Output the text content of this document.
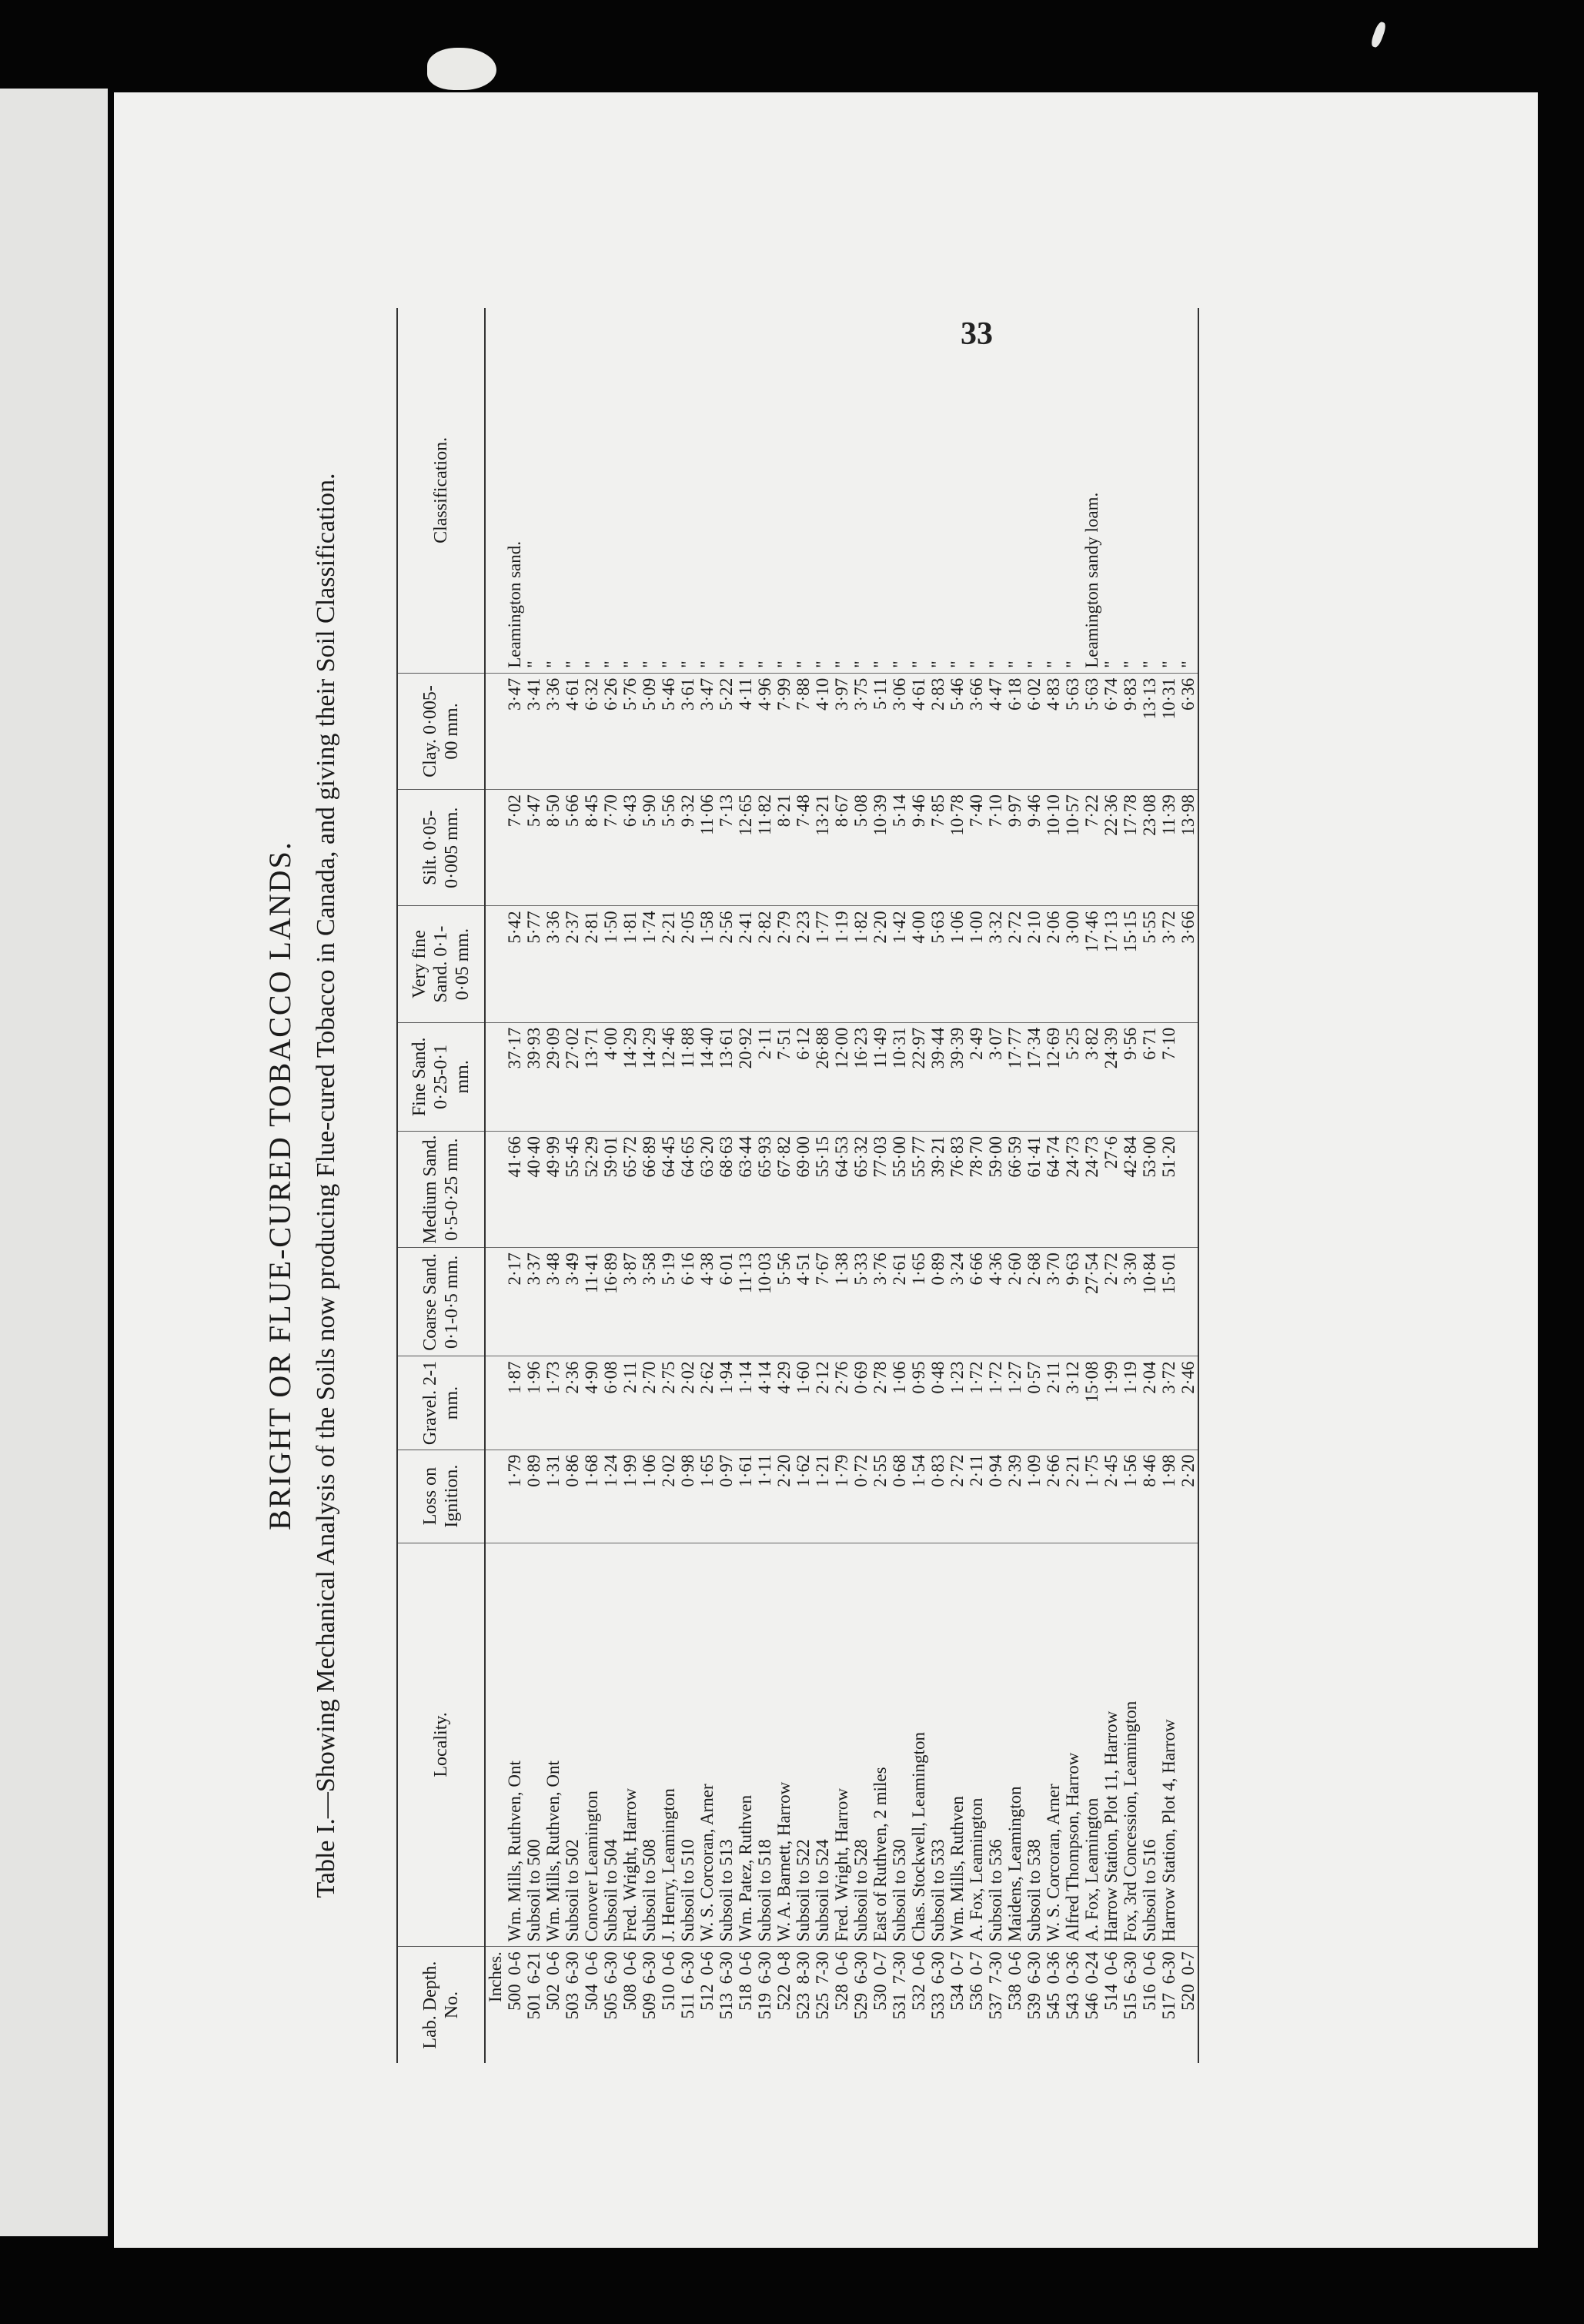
33
BRIGHT OR FLUE-CURED TOBACCO LANDS. Table I.—Showing Mechanical Analysis of the Soils now producing Flue-cured Tobacco in Canada, and giving their Soil Classification.
Lab. Depth. No.	Locality.	Loss on Ignition.	Gravel. 2-1 mm.	Coarse Sand. 0·1-0·5 mm.	Medium Sand. 0·5-0·25 mm.	Fine Sand. 0·25-0·1 mm.	Very fine Sand. 0·1-0·05 mm.	Silt. 0·05-0·005 mm.	Clay. 0·005-00 mm.	Classification.
Inches.										
500  0-6	Wm. Mills, Ruthven, Ont	1·79	1·87	2·17	41·66	37·17	5·42	7·02	3·47	Leamington sand.
501  6-21	Subsoil to 500	0·89	1·96	3·37	40·40	39·93	5·77	5·47	3·41	"
502  0-6	Wm. Mills, Ruthven, Ont	1·31	1·73	3·48	49·99	29·09	3·36	8·50	3·36	"
503  6-30	Subsoil to 502	0·86	2·36	3·49	55·45	27·02	2·37	5·66	4·61	"
504  0-6	Conover Leamington	1·68	4·90	11·41	52·29	13·71	2·81	8·45	6·32	"
505  6-30	Subsoil to 504	1·24	6·08	16·89	59·01	4·00	1·50	7·70	6·26	"
508  0-6	Fred. Wright, Harrow	1·99	2·11	3·87	65·72	14·29	1·81	6·43	5·76	"
509  6-30	Subsoil to 508	1·06	2·70	3·58	66·89	14·29	1·74	5·90	5·09	"
510  0-6	J. Henry, Leamington	2·02	2·75	5·19	64·45	12·46	2·21	5·56	5·46	"
511  6-30	Subsoil to 510	0·98	2·02	6·16	64·65	11·88	2·05	9·32	3·61	"
512  0-6	W. S. Corcoran, Arner	1·65	2·62	4·38	63·20	14·40	1·58	11·06	3·47	"
513  6-30	Subsoil to 513	0·97	1·94	6·01	68·63	13·61	2·56	7·13	5·22	"
518  0-6	Wm. Patez, Ruthven	1·61	1·14	11·13	63·44	20·92	2·41	12·65	4·11	"
519  6-30	Subsoil to 518	1·11	4·14	10·03	65·93	2·11	2·82	11·82	4·96	"
522  0-8	W. A. Barnett, Harrow	2·20	4·29	5·56	67·82	7·51	2·79	8·21	7·99	"
523  8-30	Subsoil to 522	1·62	1·60	4·51	69·00	6·12	2·23	7·48	7·88	"
525  7-30	Subsoil to 524	1·21	2·12	7·67	55·15	26·88	1·77	13·21	4·10	"
528  0-6	Fred. Wright, Harrow	1·79	2·76	1·38	64·53	12·00	1·19	8·67	3·97	"
529  6-30	Subsoil to 528	0·72	0·69	5·33	65·32	16·23	1·82	5·08	3·75	"
530  0-7	East of Ruthven, 2 miles	2·55	2·78	3·76	77·03	11·49	2·20	10·39	5·11	"
531  7-30	Subsoil to 530	0·68	1·06	2·61	55·00	10·31	1·42	5·14	3·06	"
532  0-6	Chas. Stockwell, Leamington	1·54	0·95	1·65	55·77	22·97	4·00	9·46	4·61	"
533  6-30	Subsoil to 533	0·83	0·48	0·89	39·21	39·44	5·63	7·85	2·83	"
534  0-7	Wm. Mills, Ruthven	2·72	1·23	3·24	76·83	39·39	1·06	10·78	5·46	"
536  0-7	A. Fox, Leamington	2·11	1·72	6·66	78·70	2·49	1·00	7·40	3·66	"
537  7-30	Subsoil to 536	0·94	1·72	4·36	59·00	3·07	3·32	7·10	4·47	"
538  0-6	Maidens, Leamington	2·39	1·27	2·60	66·59	17·77	2·72	9·97	6·18	"
539  6-30	Subsoil to 538	1·09	0·57	2·68	61·41	17·34	2·10	9·46	6·02	"
545  0-36	W. S. Corcoran, Arner	2·66	2·11	3·70	64·74	12·69	2·06	10·10	4·83	"
543  0-36	Alfred Thompson, Harrow	2·21	3·12	9·63	24·73	5·25	3·00	10·57	5·63	"
546  0-24	A. Fox, Leamington	1·75	15·08	27·54	24·73	3·82	17·46	7·22	5·63	Leamington sandy loam.
514  0-6	Harrow Station, Plot 11, Harrow	2·45	1·99	2·72	27·6	24·39	17·13	22·36	6·74	"
515  6-30	Fox, 3rd Concession, Leamington	1·56	1·19	3·30	42·84	9·56	15·15	17·78	9·83	"
516  0-6	Subsoil to 516	8·46	2·04	10·84	53·00	6·71	5·55	23·08	13·13	"
517  6-30	Harrow Station, Plot 4, Harrow	1·98	3·72	15·01	51·20	7·10	3·72	11·39	10·31	"
520  0-7		2·20	2·46				3·66	13·98	6·36	"
